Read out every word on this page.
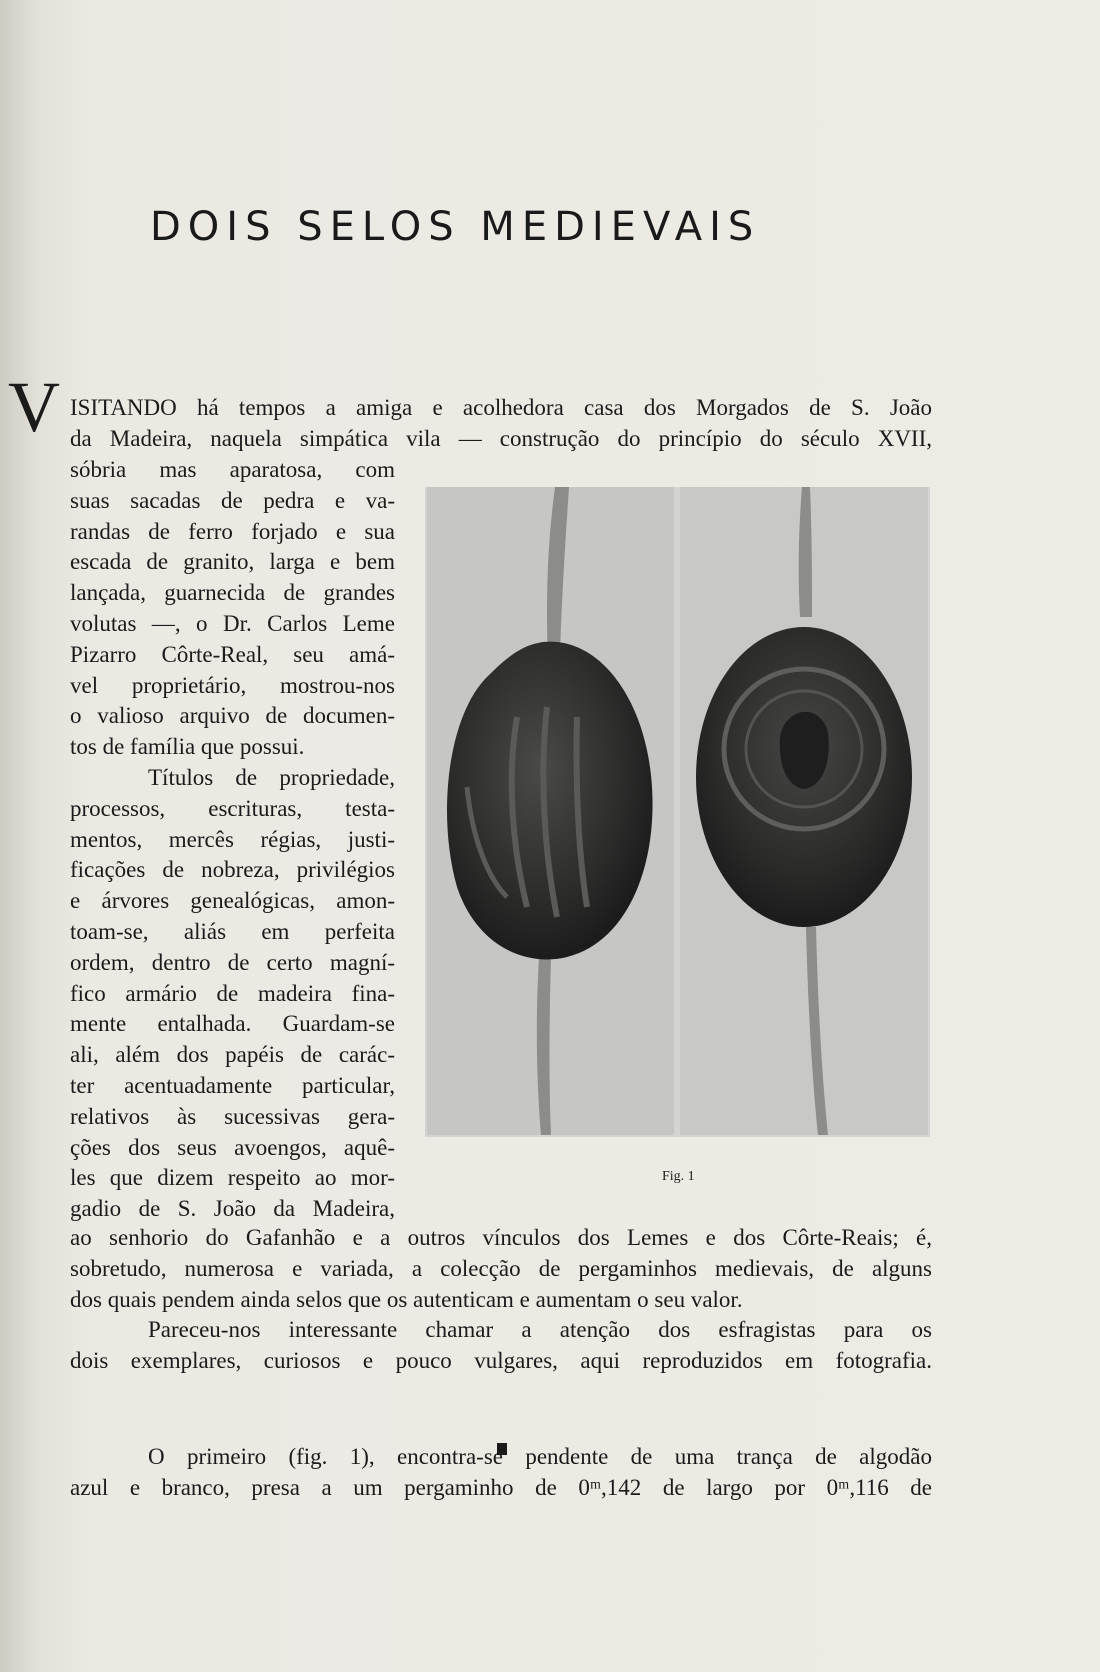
DOIS SELOS MEDIEVAIS
V ISITANDO há tempos a amiga e acolhedora casa dos Morgados de S. João
da Madeira, naquela simpática vila — construção do princípio do século XVII,
sóbria mas aparatosa, com
suas sacadas de pedra e va-
randas de ferro forjado e sua
escada de granito, larga e bem
lançada, guarnecida de grandes
volutas —, o Dr. Carlos Leme
Pizarro Côrte-Real, seu amá-
vel proprietário, mostrou-nos
o valioso arquivo de documen-
tos de família que possui.
Títulos de propriedade,
processos, escrituras, testa-
mentos, mercês régias, justi-
ficações de nobreza, privilégios
e árvores genealógicas, amon-
toam-se, aliás em perfeita
ordem, dentro de certo magní-
fico armário de madeira fina-
mente entalhada. Guardam-se
ali, além dos papéis de carác-
ter acentuadamente particular,
relativos às sucessivas gera-
ções dos seus avoengos, aquê-
les que dizem respeito ao mor-
gadio de S. João da Madeira,
Fig. 1
ao senhorio do Gafanhão e a outros vínculos dos Lemes e dos Côrte-Reais; é,
sobretudo, numerosa e variada, a colecção de pergaminhos medievais, de alguns
dos quais pendem ainda selos que os autenticam e aumentam o seu valor.
Pareceu-nos interessante chamar a atenção dos esfragistas para os
dois exemplares, curiosos e pouco vulgares, aqui reproduzidos em fotografia.
O primeiro (fig. 1), encontra-se pendente de uma trança de algodão
azul e branco, presa a um pergaminho de 0ᵐ,142 de largo por 0ᵐ,116 de
